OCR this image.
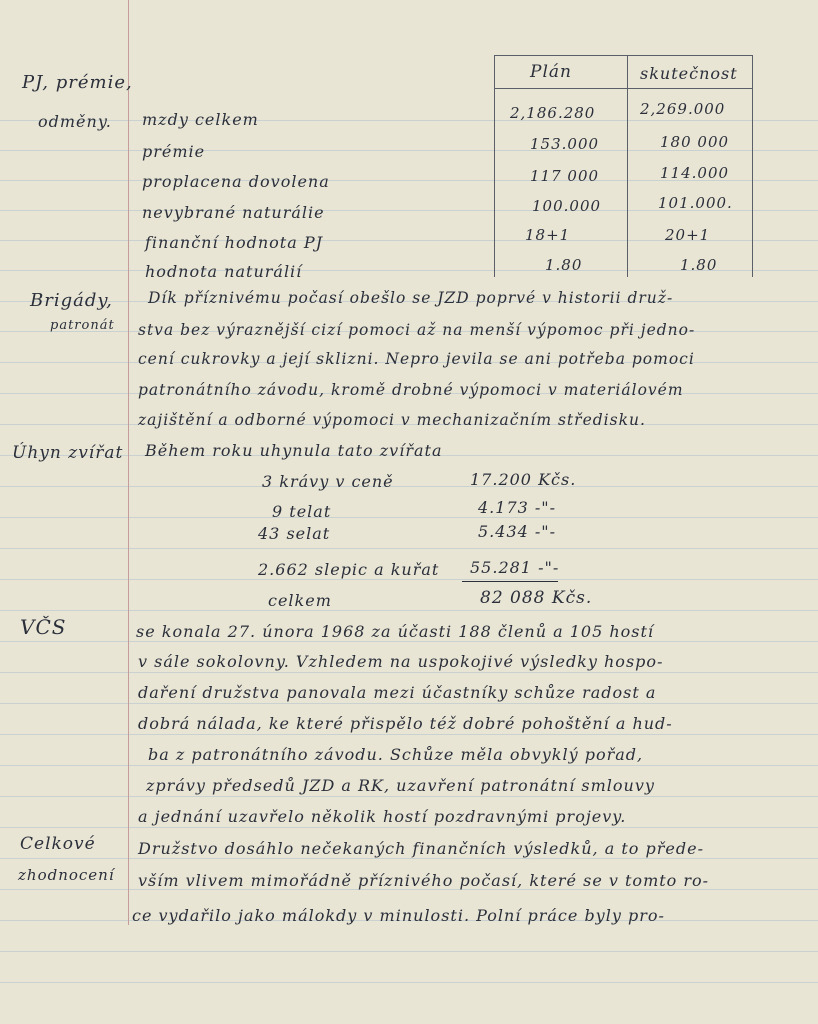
Plán	skutečnost
PJ, prémie,
odměny.
Brigády,
patronát
Úhyn zvířat
VČS
Celkové
zhodnocení
mzdy celkem	2,186.280	2,269.000
prémie	153.000	180 000
proplacena dovolena	117 000	114.000
nevybrané naturálie	100.000	101.000.
finanční hodnota PJ	18+1	20+1
hodnota naturálií	1.80	1.80
Dík příznivému počasí obešlo se JZD poprvé v historii druž-
stva bez výraznější cizí pomoci až na menší výpomoc při jedno-
cení cukrovky a její sklizni. Nepro jevila se ani potřeba pomoci
patronátního závodu, kromě drobné výpomoci v materiálovém
zajištění a odborné výpomoci v mechanizačním středisku.
Během roku uhynula tato zvířata
3 krávy v ceně	17.200 Kčs.
9 telat	4.173 -"-
43 selat	5.434 -"-
2.662 slepic a kuřat 55.281 -"-
celkem	82 088 Kčs.
se konala 27. února 1968 za účasti 188 členů a 105 hostí
v sále sokolovny. Vzhledem na uspokojivé výsledky hospo-
daření družstva panovala mezi účastníky schůze radost a
dobrá nálada, ke které přispělo též dobré pohoštění a hud-
ba z patronátního závodu. Schůze měla obvyklý pořad,
zprávy předsedů JZD a RK, uzavření patronátní smlouvy
a jednání uzavřelo několik hostí pozdravnými projevy.
Družstvo dosáhlo nečekaných finančních výsledků, a to přede-
vším vlivem mimořádně příznivého počasí, které se v tomto ro-
ce vydařilo jako málokdy v minulosti. Polní práce byly pro-
